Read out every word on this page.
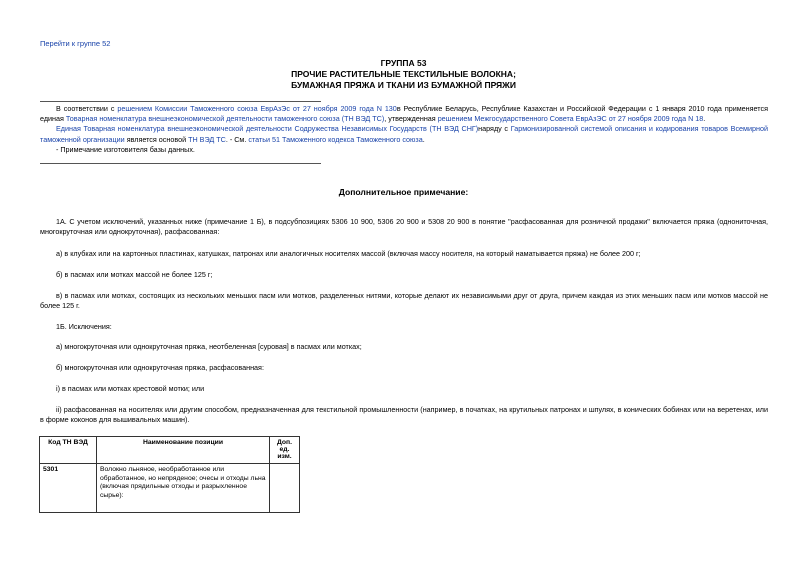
Перейти к группе 52
ГРУППА 53
ПРОЧИЕ РАСТИТЕЛЬНЫЕ ТЕКСТИЛЬНЫЕ ВОЛОКНА;
БУМАЖНАЯ ПРЯЖА И ТКАНИ ИЗ БУМАЖНОЙ ПРЯЖИ

В соответствии с решением Комиссии Таможенного союза ЕврАзЭс от 27 ноября 2009 года N 130в Республике Беларусь, Республике Казахстан и Российской Федерации с 1 января 2010 года применяется единая Товарная номенклатура внешнеэкономической деятельности таможенного союза (ТН ВЭД ТС), утвержденная решением Межгосударственного Совета ЕврАзЭС от 27 ноября 2009 года N 18.

Единая Товарная номенклатура внешнеэкономической деятельности Содружества Независимых Государств (ТН ВЭД СНГ)наряду с Гармонизированной системой описания и кодирования товаров Всемирной таможенной организации является основой ТН ВЭД ТС. - См. статьи 51 Таможенного кодекса Таможенного союза.

- Примечание изготовителя базы данных.

Дополнительное примечание:

1А. С учетом исключений, указанных ниже (примечание 1 Б), в подсубпозициях 5306 10 900, 5306 20 900 и 5308 20 900 в понятие "расфасованная для розничной продажи" включается пряжа (однониточная, многокруточная или однокруточная), расфасованная:

а) в клубках или на картонных пластинах, катушках, патронах или аналогичных носителях массой (включая массу носителя, на который наматывается пряжа) не более 200 г;

б) в пасмах или мотках массой не более 125 г;

в) в пасмах или мотках, состоящих из нескольких меньших пасм или мотков, разделенных нитями, которые делают их независимыми друг от друга, причем каждая из этих меньших пасм или мотков массой не более 125 г.

1Б. Исключения:

а) многокруточная или однокруточная пряжа, неотбеленная [суровая] в пасмах или мотках;

б) многокруточная или однокруточная пряжа, расфасованная:

i) в пасмах или мотках крестовой мотки; или

ii) расфасованная на носителях или другим способом, предназначенная для текстильной промышленности (например, в початках, на крутильных патронах и шпулях, в конических бобинах или на веретенах, или в форме коконов для вышивальных машин).

Код ТН ВЭД	Наименование позиции	Доп. ед. изм.
5301	Волокно льняное, необработанное или обработанное, но непряденое; очесы и отходы льна (включая прядильные отходы и разрыхленное сырье):	
